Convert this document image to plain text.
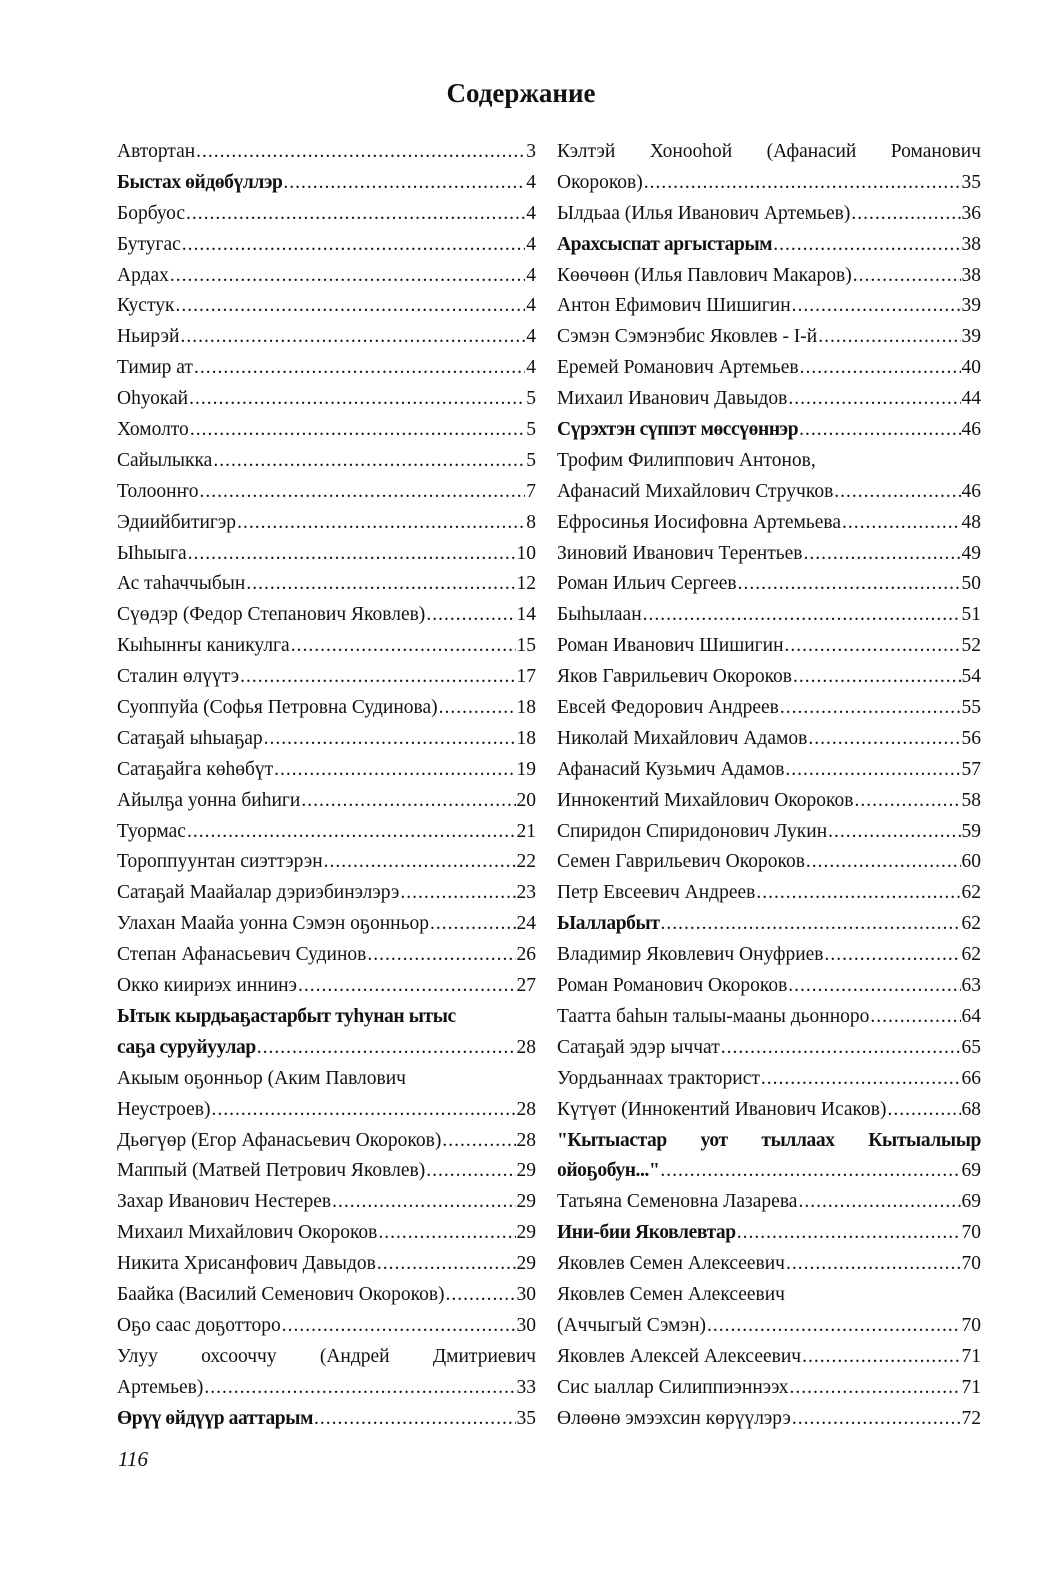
Содержание
Автортан .....	3
Быстах өйдөбүллэр .....	4
Борбуос .....	4
Бутугас .....	4
Ардах .....	4
Кустук .....	4
Ньирэй .....	4
Тимир ат .....	4
Оһуокай .....	5
Хомолто .....	5
Сайылыкка .....	5
Толоонҥо .....	7
Эдиийбитигэр .....	8
Ыһыыга .....	10
Ас таһаччыбын .....	12
Сүөдэр (Федор Степанович Яковлев) .....	14
Кыһынҥы каникулга .....	15
Сталин өлүүтэ .....	17
Суоппуйа (Софья Петровна Судинова) .....	18
Сатаҕай ыһыаҕар .....	18
Сатаҕайга көһөбүт .....	19
Айылҕа уонна биһиги .....	20
Туормас .....	21
Тороппуунтан сиэттэрэн .....	22
Сатаҕай Маайалар дэриэбинэлэрэ .....	23
Улахан Маайа уонна Сэмэн оҕонньор .....	24
Степан Афанасьевич Судинов .....	26
Окко киириэх иннинэ .....	27
Ытык кырдьаҕастарбыт туһунан ытыс
саҕа суруйуулар .....	28
Акыым оҕонньор (Аким Павлович
Неустроев) .....	28
Дьөгүөр (Егор Афанасьевич Окороков) .....	28
Маппый (Матвей Петрович Яковлев) .....	29
Захар Иванович Нестерев .....	29
Михаил Михайлович Окороков .....	29
Никита Хрисанфович Давыдов .....	29
Баайка (Василий Семенович Окороков) .....	30
Оҕо саас доҕотторо .....	30
Улуу охсооччу (Андрей Дмитриевич
Артемьев) .....	33
Өрүү өйдүүр ааттарым .....	35
Кэлтэй Хонооһой (Афанасий Романович
Окороков) .....	35
Ылдьаа (Илья Иванович Артемьев) .....	36
Арахсыспат аргыстарым .....	38
Көөчөөн (Илья Павлович Макаров) .....	38
Антон Ефимович Шишигин .....	39
Сэмэн Сэмэнэбис Яковлев - I-й .....	39
Еремей Романович Артемьев .....	40
Михаил Иванович Давыдов .....	44
Сүрэхтэн сүппэт мөссүөннэр .....	46
Трофим Филиппович Антонов,
Афанасий Михайлович Стручков .....	46
Ефросинья Иосифовна Артемьева .....	48
Зиновий Иванович Терентьев .....	49
Роман Ильич Сергеев .....	50
Быһылаан .....	51
Роман Иванович Шишигин .....	52
Яков Гаврильевич Окороков .....	54
Евсей Федорович Андреев .....	55
Николай Михайлович Адамов .....	56
Афанасий Кузьмич Адамов .....	57
Иннокентий Михайлович Окороков .....	58
Спиридон Спиридонович Лукин .....	59
Семен Гаврильевич Окороков .....	60
Петр Евсеевич Андреев .....	62
Ыалларбыт .....	62
Владимир Яковлевич Онуфриев .....	62
Роман Романович Окороков .....	63
Таатта баһын талыы-мааны дьонноро .....	64
Сатаҕай эдэр ыччат .....	65
Уордьаннаах тракторист .....	66
Күтүөт (Иннокентий Иванович Исаков) .....	68
"Кытыастар уот тыллаах Кытыалыыр
ойоҕобун..." .....	69
Татьяна Семеновна Лазарева .....	69
Ини-бии Яковлевтар .....	70
Яковлев Семен Алексеевич .....	70
Яковлев Семен Алексеевич
(Аччыгый Сэмэн) .....	70
Яковлев Алексей Алексеевич .....	71
Сис ыаллар Силиппиэннээх .....	71
Өлөөнө эмээхсин көрүүлэрэ .....	72
116
